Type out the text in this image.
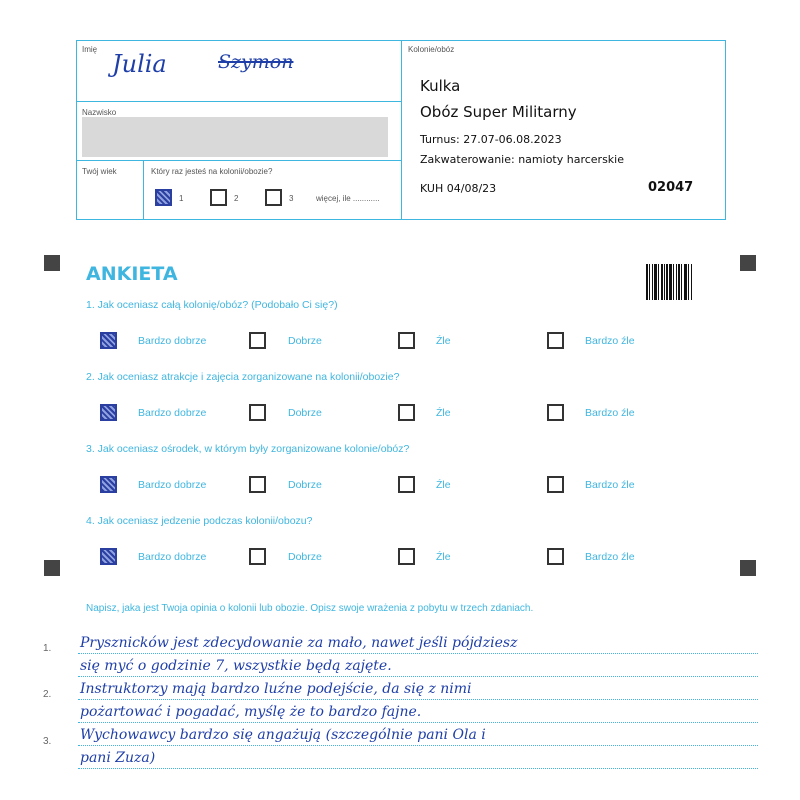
Imię
Julia	Szymon
Nazwisko
Twój wiek	Który raz jesteś na kolonii/obozie?
1	2	3	więcej, ile ............
Kolonie/obóz
Kulka
Obóz Super Militarny
Turnus: 27.07-06.08.2023
Zakwaterowanie: namioty harcerskie
KUH 04/08/23	02047
ANKIETA
1. Jak oceniasz całą kolonię/obóz? (Podobało Ci się?)
2. Jak oceniasz atrakcje i zajęcia zorganizowane na kolonii/obozie?
3. Jak oceniasz ośrodek, w którym były zorganizowane kolonie/obóz?
4. Jak oceniasz jedzenie podczas kolonii/obozu?
Bardzo dobrze	Dobrze	Źle	Bardzo źle
Bardzo dobrze	Dobrze	Źle	Bardzo źle
Bardzo dobrze	Dobrze	Źle	Bardzo źle
Bardzo dobrze	Dobrze	Źle	Bardzo źle
Napisz, jaka jest Twoja opinia o kolonii lub obozie. Opisz swoje wrażenia z pobytu w trzech zdaniach.
1.
2.
3.
Prysznicków jest zdecydowanie za mało, nawet jeśli pójdziesz
się myć o godzinie 7, wszystkie będą zajęte.
Instruktorzy mają bardzo luźne podejście, da się z nimi
pożartować i pogadać, myślę że to bardzo fajne.
Wychowawcy bardzo się angażują (szczególnie pani Ola i
pani Zuza)
